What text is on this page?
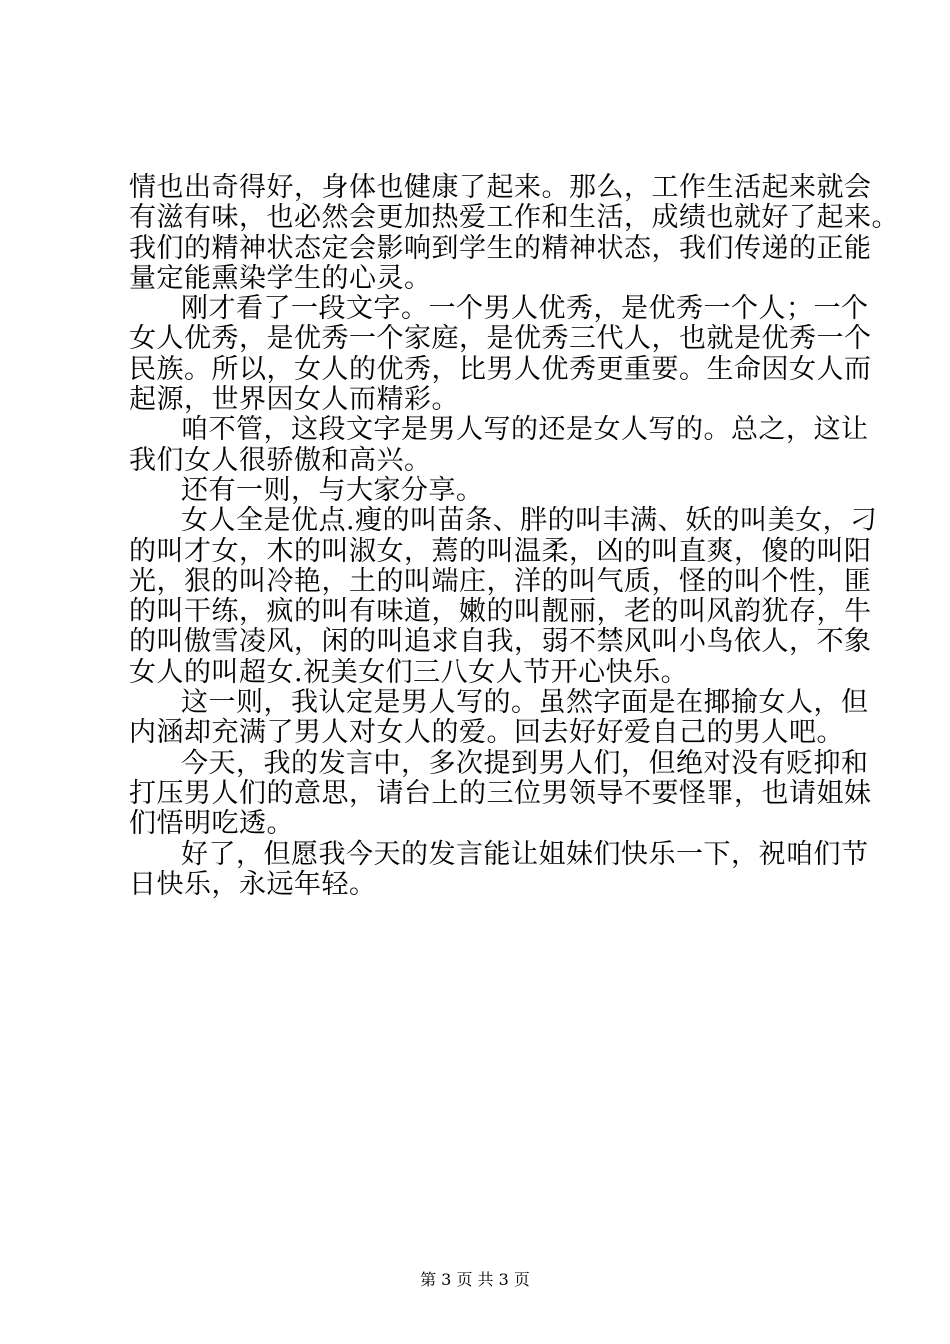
情也出奇得好，身体也健康了起来。那么，工作生活起来就会
有滋有味，也必然会更加热爱工作和生活，成绩也就好了起来。
我们的精神状态定会影响到学生的精神状态，我们传递的正能
量定能熏染学生的心灵。
刚才看了一段文字。一个男人优秀，是优秀一个人；一个
女人优秀，是优秀一个家庭，是优秀三代人，也就是优秀一个
民族。所以，女人的优秀，比男人优秀更重要。生命因女人而
起源，世界因女人而精彩。
咱不管，这段文字是男人写的还是女人写的。总之，这让
我们女人很骄傲和高兴。
还有一则，与大家分享。
女人全是优点.瘦的叫苗条、胖的叫丰满、妖的叫美女，刁
的叫才女，木的叫淑女，蔫的叫温柔，凶的叫直爽，傻的叫阳
光，狠的叫冷艳，土的叫端庄，洋的叫气质，怪的叫个性，匪
的叫干练，疯的叫有味道，嫩的叫靓丽，老的叫风韵犹存，牛
的叫傲雪凌风，闲的叫追求自我，弱不禁风叫小鸟依人，不象
女人的叫超女.祝美女们三八女人节开心快乐。
这一则，我认定是男人写的。虽然字面是在揶揄女人，但
内涵却充满了男人对女人的爱。回去好好爱自己的男人吧。
今天，我的发言中，多次提到男人们，但绝对没有贬抑和
打压男人们的意思，请台上的三位男领导不要怪罪，也请姐妹
们悟明吃透。
好了，但愿我今天的发言能让姐妹们快乐一下，祝咱们节
日快乐，永远年轻。
第 3 页 共 3 页
